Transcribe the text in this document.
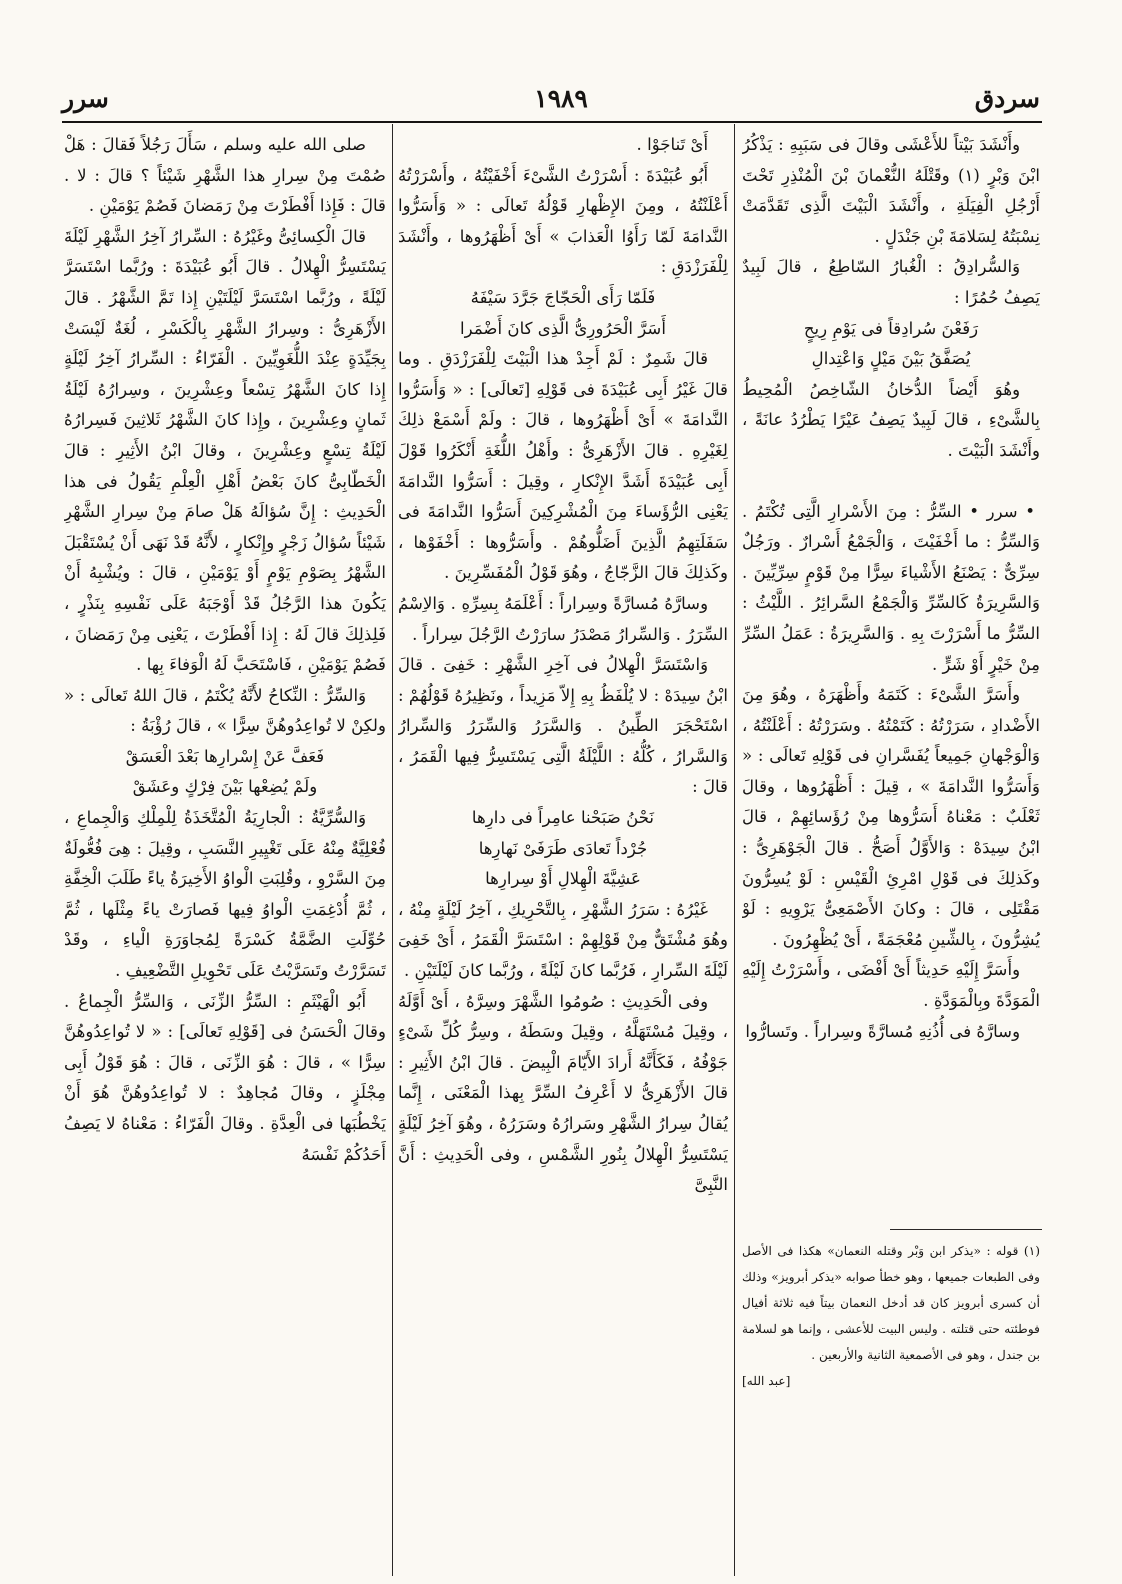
سرر	١٩٨٩	سردق

وأَنْشَدَ بَيْتاً للأَعْشَى وقالَ فى سَبَبِهِ : يَذْكُرُ ابْنَ وَبْرٍ (١) وقَتْلَهُ النُّعْمانَ بْنَ الْمُنْذِرِ تَحْتَ أَرْجُلِ الْفِيَلَةِ ، وأَنْشَدَ الْبَيْتَ الَّذِى تَقَدَّمَتْ نِسْبَتُهُ لِسَلامَةَ بْنِ جَنْدَلٍ .

وَالسُّرادِقُ : الْغُبارُ السّاطِعُ ، قالَ لَبِيدٌ يَصِفُ حُمُرًا :

رَفَعْنَ سُرادِقاً فى يَوْمِ رِيحٍ

يُصَفَّقُ بَيْنَ مَيْلٍ وَاعْتِدالِ

وهُوَ أَيْضاً الدُّخانُ الشّاخِصُ الْمُحِيطُ بِالشَّىْءِ ، قالَ لَبِيدٌ يَصِفُ عَيْرًا يَطْرُدُ عانَةً ، وأَنْشَدَ الْبَيْتَ .

• سرر • السِّرُّ : مِنَ الأَسْرارِ الَّتِى تُكْتَمُ . وَالسِّرُّ : ما أَخْفَيْتَ ، وَالْجَمْعُ أَسْرارٌ . ورَجُلٌ سِرِّىٌّ : يَصْنَعُ الأَشْياءَ سِرًّا مِنْ قَوْمٍ سِرِّيِّينَ . وَالسَّرِيرَةُ كَالسِّرِّ وَالْجَمْعُ السَّرائِرُ . اللَّيْثُ : السِّرُّ ما أَسْرَرْتَ بِهِ . وَالسَّرِيرَةُ : عَمَلُ السِّرِّ مِنْ خَيْرٍ أَوْ شَرٍّ .

وأَسَرَّ الشَّىْءَ : كَتَمَهُ وأَظْهَرَهُ ، وهُوَ مِنَ الأَضْدادِ ، سَرَرْتُهُ : كَتَمْتُهُ . وسَرَرْتُهُ : أَعْلَنْتُهُ ، وَالْوَجْهانِ جَمِيعاً يُفَسَّرانِ فى قَوْلِهِ تَعالَى : « وَأَسَرُّوا النَّدامَةَ » ، قِيلَ : أَظْهَرُوها ، وقالَ ثَعْلَبٌ : مَعْناهُ أَسَرُّوها مِنْ رُؤَسائِهِمْ ، قالَ ابْنُ سِيدَهْ : وَالأَوَّلُ أَصَحُّ . قالَ الْجَوْهَرِىُّ : وكَذلِكَ فى قَوْلِ امْرِئِ الْقَيْسِ : لَوْ يُسِرُّونَ مَقْتَلِى ، قالَ : وكانَ الأَصْمَعِىُّ يَرْوِيهِ : لَوْ يُشِرُّونَ ، بِالشِّينِ مُعْجَمَةً ، أَىْ يُظْهِرُونَ .

وأَسَرَّ إِلَيْهِ حَدِيثاً أَىْ أَفْضَى ، وأَسْرَرْتُ إِلَيْهِ الْمَوَدَّةَ وبِالْمَوَدَّةِ .

وسارَّهُ فى أُذُنِهِ مُسارَّةً وسِراراً . وتَسارُّوا

(١) قوله : «يذكر ابن وَبْر وقتله النعمان» هكذا فى الأصل وفى الطبعات جميعها ، وهو خطأ صوابه «يذكر أبرويز» وذلك أن كسرى أبرويز كان قد أدخل النعمان بيتاً فيه ثلاثة أفيال فوطئته حتى قتلته . وليس البيت للأعشى ، وإنما هو لسلامة بن جندل ، وهو فى الأصمعية الثانية والأربعين .

[عبد الله]

أَىْ تَناجَوْا .

أَبُو عُبَيْدَةَ : أَسْرَرْتُ الشَّىْءَ أَخْفَيْتُهُ ، وأَسْرَرْتُهُ أَعْلَنْتُهُ ، ومِنَ الإِظْهارِ قَوْلُهُ تَعالَى : « وَأَسَرُّوا النَّدامَةَ لَمّا رَأَوُا الْعَذابَ » أَىْ أَظْهَرُوها ، وأَنْشَدَ لِلْفَرَزْدَقِ :

فَلَمّا رَأَى الْحَجّاجَ جَرَّدَ سَيْفَهُ

أَسَرَّ الْحَرُورِىُّ الَّذِى كانَ أَضْمَرا

قالَ شَمِرٌ : لَمْ أَجِدْ هذا الْبَيْتَ لِلْفَرَزْدَقِ . وما قالَ غَيْرُ أَبِى عُبَيْدَةَ فى قَوْلِهِ [تَعالَى] : « وَأَسَرُّوا النَّدامَةَ » أَىْ أَظْهَرُوها ، قالَ : ولَمْ أَسْمَعْ ذلِكَ لِغَيْرِهِ . قالَ الأَزْهَرِىُّ : وأَهْلُ اللُّغَةِ أَنْكَرُوا قَوْلَ أَبِى عُبَيْدَةَ أَشَدَّ الإِنْكارِ ، وقِيلَ : أَسَرُّوا النَّدامَةَ يَعْنِى الرُّؤَساءَ مِنَ الْمُشْرِكِينَ أَسَرُّوا النَّدامَةَ فى سَفَلَتِهِمُ الَّذِينَ أَضَلُّوهُمْ . وأَسَرُّوها : أَخْفَوْها ، وكَذلِكَ قالَ الزَّجّاجُ ، وهُوَ قَوْلُ الْمُفَسِّرِينَ .

وسارَّهُ مُسارَّةً وسِراراً : أَعْلَمَهُ بِسِرِّهِ . وَالاِسْمُ السِّرَرُ . وَالسِّرارُ مَصْدَرُ سارَرْتُ الرَّجُلَ سِراراً .

وَاسْتَسَرَّ الْهِلالُ فى آخِرِ الشَّهْرِ : خَفِىَ . قالَ ابْنُ سِيدَهْ : لا يُلْفَظُ بِهِ إِلاّ مَزِيداً ، ونَظِيرُهُ قَوْلُهُمْ : اسْتَحْجَرَ الطِّينُ . وَالسَّرَرُ وَالسِّرَرُ وَالسِّرارُ وَالسَّرارُ ، كُلُّهُ : اللَّيْلَةُ الَّتِى يَسْتَسِرُّ فِيها الْقَمَرُ ، قالَ :

نَحْنُ صَبَحْنا عامِراً فى دارِها

جُرْداً تَعادَى طَرَفَىْ نَهارِها

عَشِيَّةَ الْهِلالِ أَوْ سِرارِها

غَيْرُهُ : سَرَرُ الشَّهْرِ ، بِالتَّحْرِيكِ ، آخِرُ لَيْلَةٍ مِنْهُ ، وهُوَ مُشْتَقٌّ مِنْ قَوْلِهِمْ : اسْتَسَرَّ الْقَمَرُ ، أَىْ خَفِىَ لَيْلَةَ السِّرارِ ، فَرُبَّما كانَ لَيْلَةً ، ورُبَّما كانَ لَيْلَتَيْنِ .

وفى الْحَدِيثِ : صُومُوا الشَّهْرَ وسِرَّهُ ، أَىْ أَوَّلَهُ ، وقِيلَ مُسْتَهَلَّهُ ، وقِيلَ وسَطَهُ ، وسِرُّ كُلِّ شَىْءٍ جَوْفُهُ ، فَكَأَنَّهُ أَرادَ الأَيّامَ الْبِيضَ . قالَ ابْنُ الأَثِيرِ : قالَ الأَزْهَرِىُّ لا أَعْرِفُ السِّرَّ بِهذا الْمَعْنَى ، إِنَّما يُقالُ سِرارُ الشَّهْرِ وسَرارُهُ وسَرَرُهُ ، وهُوَ آخِرُ لَيْلَةٍ يَسْتَسِرُّ الْهِلالُ بِنُورِ الشَّمْسِ ، وفى الْحَدِيثِ : أَنَّ النَّبِىَّ

صلى الله عليه وسلم ، سَأَلَ رَجُلاً فَقالَ : هَلْ صُمْتَ مِنْ سِرارِ هذا الشَّهْرِ شَيْئاً ؟ قالَ : لا . قالَ : فَإِذا أَفْطَرْتَ مِنْ رَمَضانَ فَصُمْ يَوْمَيْنِ .

قالَ الْكِسائِىُّ وغَيْرُهُ : السِّرارُ آخِرُ الشَّهْرِ لَيْلَةَ يَسْتَسِرُّ الْهِلالُ . قالَ أَبُو عُبَيْدَةَ : ورُبَّما اسْتَسَرَّ لَيْلَةً ، ورُبَّما اسْتَسَرَّ لَيْلَتَيْنِ إِذا تَمَّ الشَّهْرُ . قالَ الأَزْهَرِىُّ : وسِرارُ الشَّهْرِ بِالْكَسْرِ ، لُغَةٌ لَيْسَتْ بِجَيِّدَةٍ عِنْدَ اللُّغَوِيِّينَ . الْفَرّاءُ : السِّرارُ آخِرُ لَيْلَةٍ إِذا كانَ الشَّهْرُ تِسْعاً وعِشْرِينَ ، وسِرارُهُ لَيْلَةُ ثَمانٍ وعِشْرِينَ ، وإِذا كانَ الشَّهْرُ ثَلاثِينَ فَسِرارُهُ لَيْلَةُ تِسْعٍ وعِشْرِينَ ، وقالَ ابْنُ الأَثِيرِ : قالَ الْخَطّابِىُّ كانَ بَعْضُ أَهْلِ الْعِلْمِ يَقُولُ فى هذا الْحَدِيثِ : إِنَّ سُؤالَهُ هَلْ صامَ مِنْ سِرارِ الشَّهْرِ شَيْئاً سُؤالُ زَجْرٍ وإِنْكارٍ ، لأَنَّهُ قَدْ نَهَى أَنْ يُسْتَقْبَلَ الشَّهْرُ بِصَوْمِ يَوْمٍ أَوْ يَوْمَيْنِ ، قالَ : ويُشْبِهُ أَنْ يَكُونَ هذا الرَّجُلُ قَدْ أَوْجَبَهُ عَلَى نَفْسِهِ بِنَذْرٍ ، فَلِذلِكَ قالَ لَهُ : إِذا أَفْطَرْتَ ، يَعْنِى مِنْ رَمَضانَ ، فَصُمْ يَوْمَيْنِ ، فَاسْتَحَبَّ لَهُ الْوَفاءَ بِها .

وَالسِّرُّ : النِّكاحُ لأَنَّهُ يُكْتَمُ ، قالَ اللهُ تَعالَى : « ولكِنْ لا تُواعِدُوهُنَّ سِرًّا » ، قالَ رُؤْبَةُ :

فَعَفَّ عَنْ إِسْرارِها بَعْدَ الْعَسَقْ

ولَمْ يُضِعْها بَيْنَ فِرْكٍ وعَشَقْ

وَالسُّرِّيَّةُ : الْجارِيَةُ الْمُتَّخَذَةُ لِلْمِلْكِ وَالْجِماعِ ، فُعْلِيَّةٌ مِنْهُ عَلَى تَغْيِيرِ النَّسَبِ ، وقِيلَ : هِىَ فُعُّولَةٌ مِنَ السَّرْوِ ، وقُلِبَتِ الْواوُ الأَخِيرَةُ ياءً طَلَبَ الْخِفَّةِ ، ثُمَّ أُدْغِمَتِ الْواوُ فِيها فَصارَتْ ياءً مِثْلَها ، ثُمَّ حُوِّلَتِ الضَّمَّةُ كَسْرَةً لِمُجاوَرَةِ الْياءِ ، وقَدْ تَسَرَّرْتُ وتَسَرَّيْتُ عَلَى تَحْوِيلِ التَّضْعِيفِ .

أَبُو الْهَيْثَمِ : السِّرُّ الزِّنَى ، وَالسِّرُّ الْجِماعُ . وقالَ الْحَسَنُ فى [قَوْلِهِ تَعالَى] : « لا تُواعِدُوهُنَّ سِرًّا » ، قالَ : هُوَ الزِّنَى ، قالَ : هُوَ قَوْلُ أَبِى مِجْلَزٍ ، وقالَ مُجاهِدٌ : لا تُواعِدُوهُنَّ هُوَ أَنْ يَخْطُبَها فى الْعِدَّةِ . وقالَ الْفَرّاءُ : مَعْناهُ لا يَصِفُ أَحَدُكُمْ نَفْسَهُ
